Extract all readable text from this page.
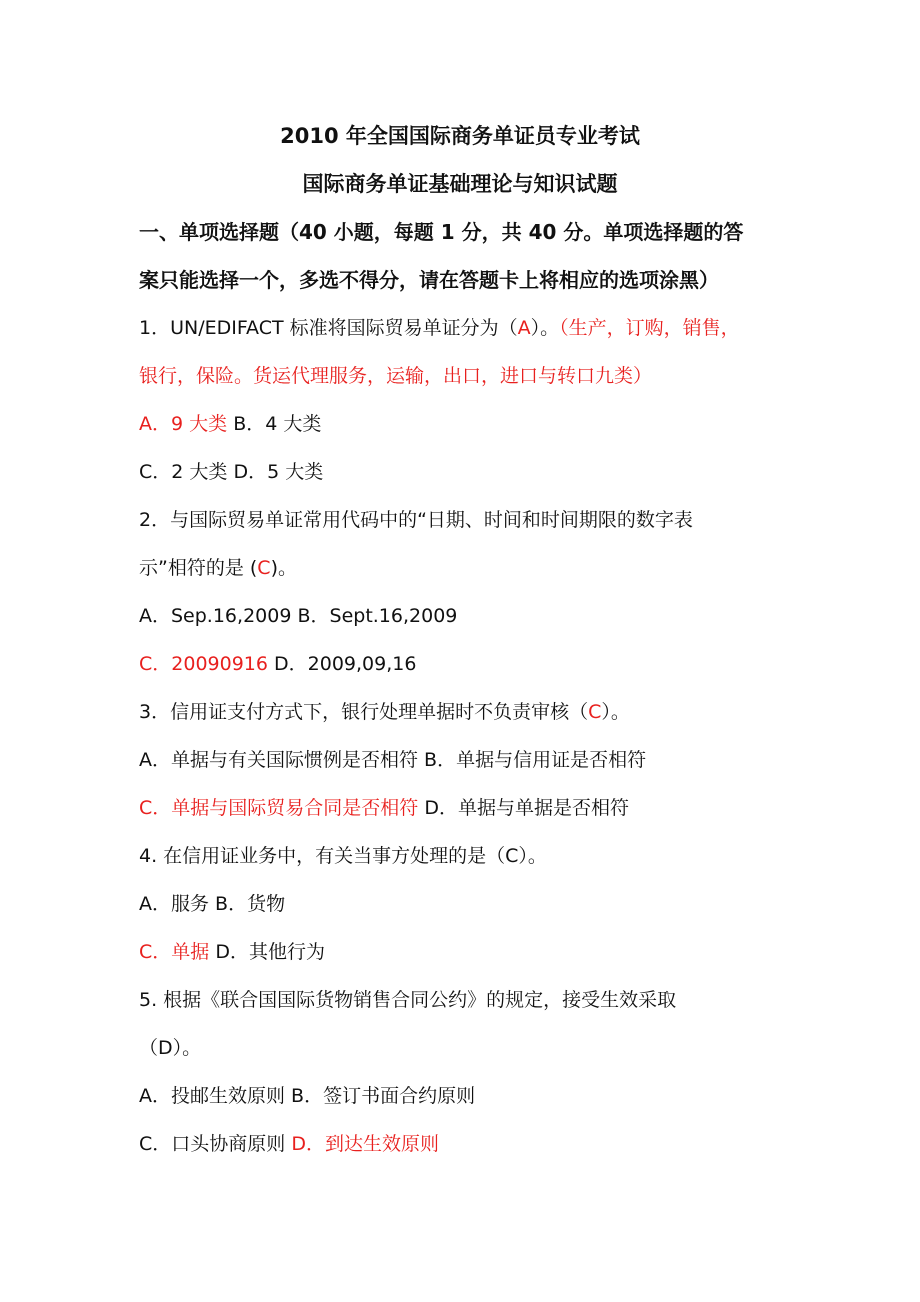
2010 年全国国际商务单证员专业考试
国际商务单证基础理论与知识试题
一、单项选择题（40 小题，每题 1 分，共 40 分。单项选择题的答
案只能选择一个，多选不得分，请在答题卡上将相应的选项涂黑）
1．UN/EDIFACT 标准将国际贸易单证分为（A）。（生产，订购，销售，
银行，保险。货运代理服务，运输，出口，进口与转口九类）
A．9 大类 B．4 大类
C．2 大类 D．5 大类
2．与国际贸易单证常用代码中的“日期、时间和时间期限的数字表
示”相符的是 (C)。
A．Sep.16,2009 B．Sept.16,2009
C．20090916 D．2009,09,16
3．信用证支付方式下，银行处理单据时不负责审核（C）。
A．单据与有关国际惯例是否相符 B．单据与信用证是否相符
C．单据与国际贸易合同是否相符 D．单据与单据是否相符
4. 在信用证业务中，有关当事方处理的是（C）。
A．服务 B．货物
C．单据 D．其他行为
5. 根据《联合国国际货物销售合同公约》的规定，接受生效采取
（D）。
A．投邮生效原则 B．签订书面合约原则
C．口头协商原则 D．到达生效原则
